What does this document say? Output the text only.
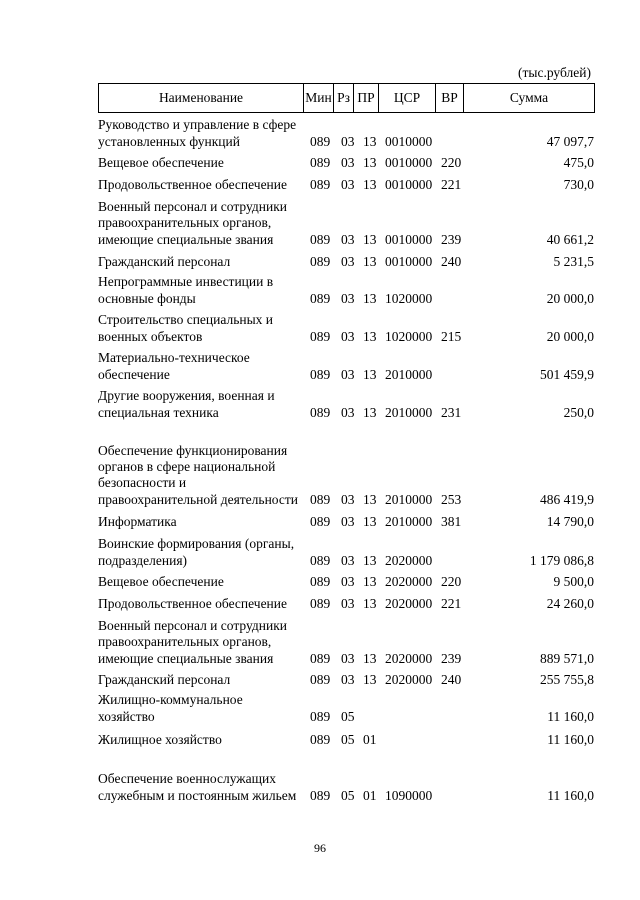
(тыс.рублей)
Наименование	Мин Рз ПР	ЦСР	ВР	Сумма
Руководство и управление в сфере установленных функций	089 03 13 0010000	47 097,7
Вещевое обеспечение	089 03 13 0010000 220	475,0
Продовольственное обеспечение	089 03 13 0010000 221	730,0
Военный персонал и сотрудники правоохранительных органов, имеющие специальные звания	089 03 13 0010000 239	40 661,2
Гражданский персонал	089 03 13 0010000 240	5 231,5
Непрограммные инвестиции в основные фонды	089 03 13 1020000	20 000,0
Строительство специальных и военных объектов	089 03 13 1020000 215	20 000,0
Материально-техническое обеспечение	089 03 13 2010000	501 459,9
Другие вооружения, военная и специальная техника	089 03 13 2010000 231	250,0
Обеспечение функционирования органов в сфере национальной безопасности и правоохранительной деятельности 089 03 13 2010000 253	486 419,9
Информатика	089 03 13 2010000 381	14 790,0
Воинские формирования (органы, подразделения)	089 03 13 2020000	1 179 086,8
Вещевое обеспечение	089 03 13 2020000 220	9 500,0
Продовольственное обеспечение	089 03 13 2020000 221	24 260,0
Военный персонал и сотрудники правоохранительных органов, имеющие специальные звания	089 03 13 2020000 239	889 571,0
Гражданский персонал	089 03 13 2020000 240	255 755,8
Жилищно-коммунальное хозяйство	089 05	11 160,0
Жилищное хозяйство	089 05 01	11 160,0
Обеспечение военнослужащих служебным и постоянным жильем 089 05 01 1090000	11 160,0
96
